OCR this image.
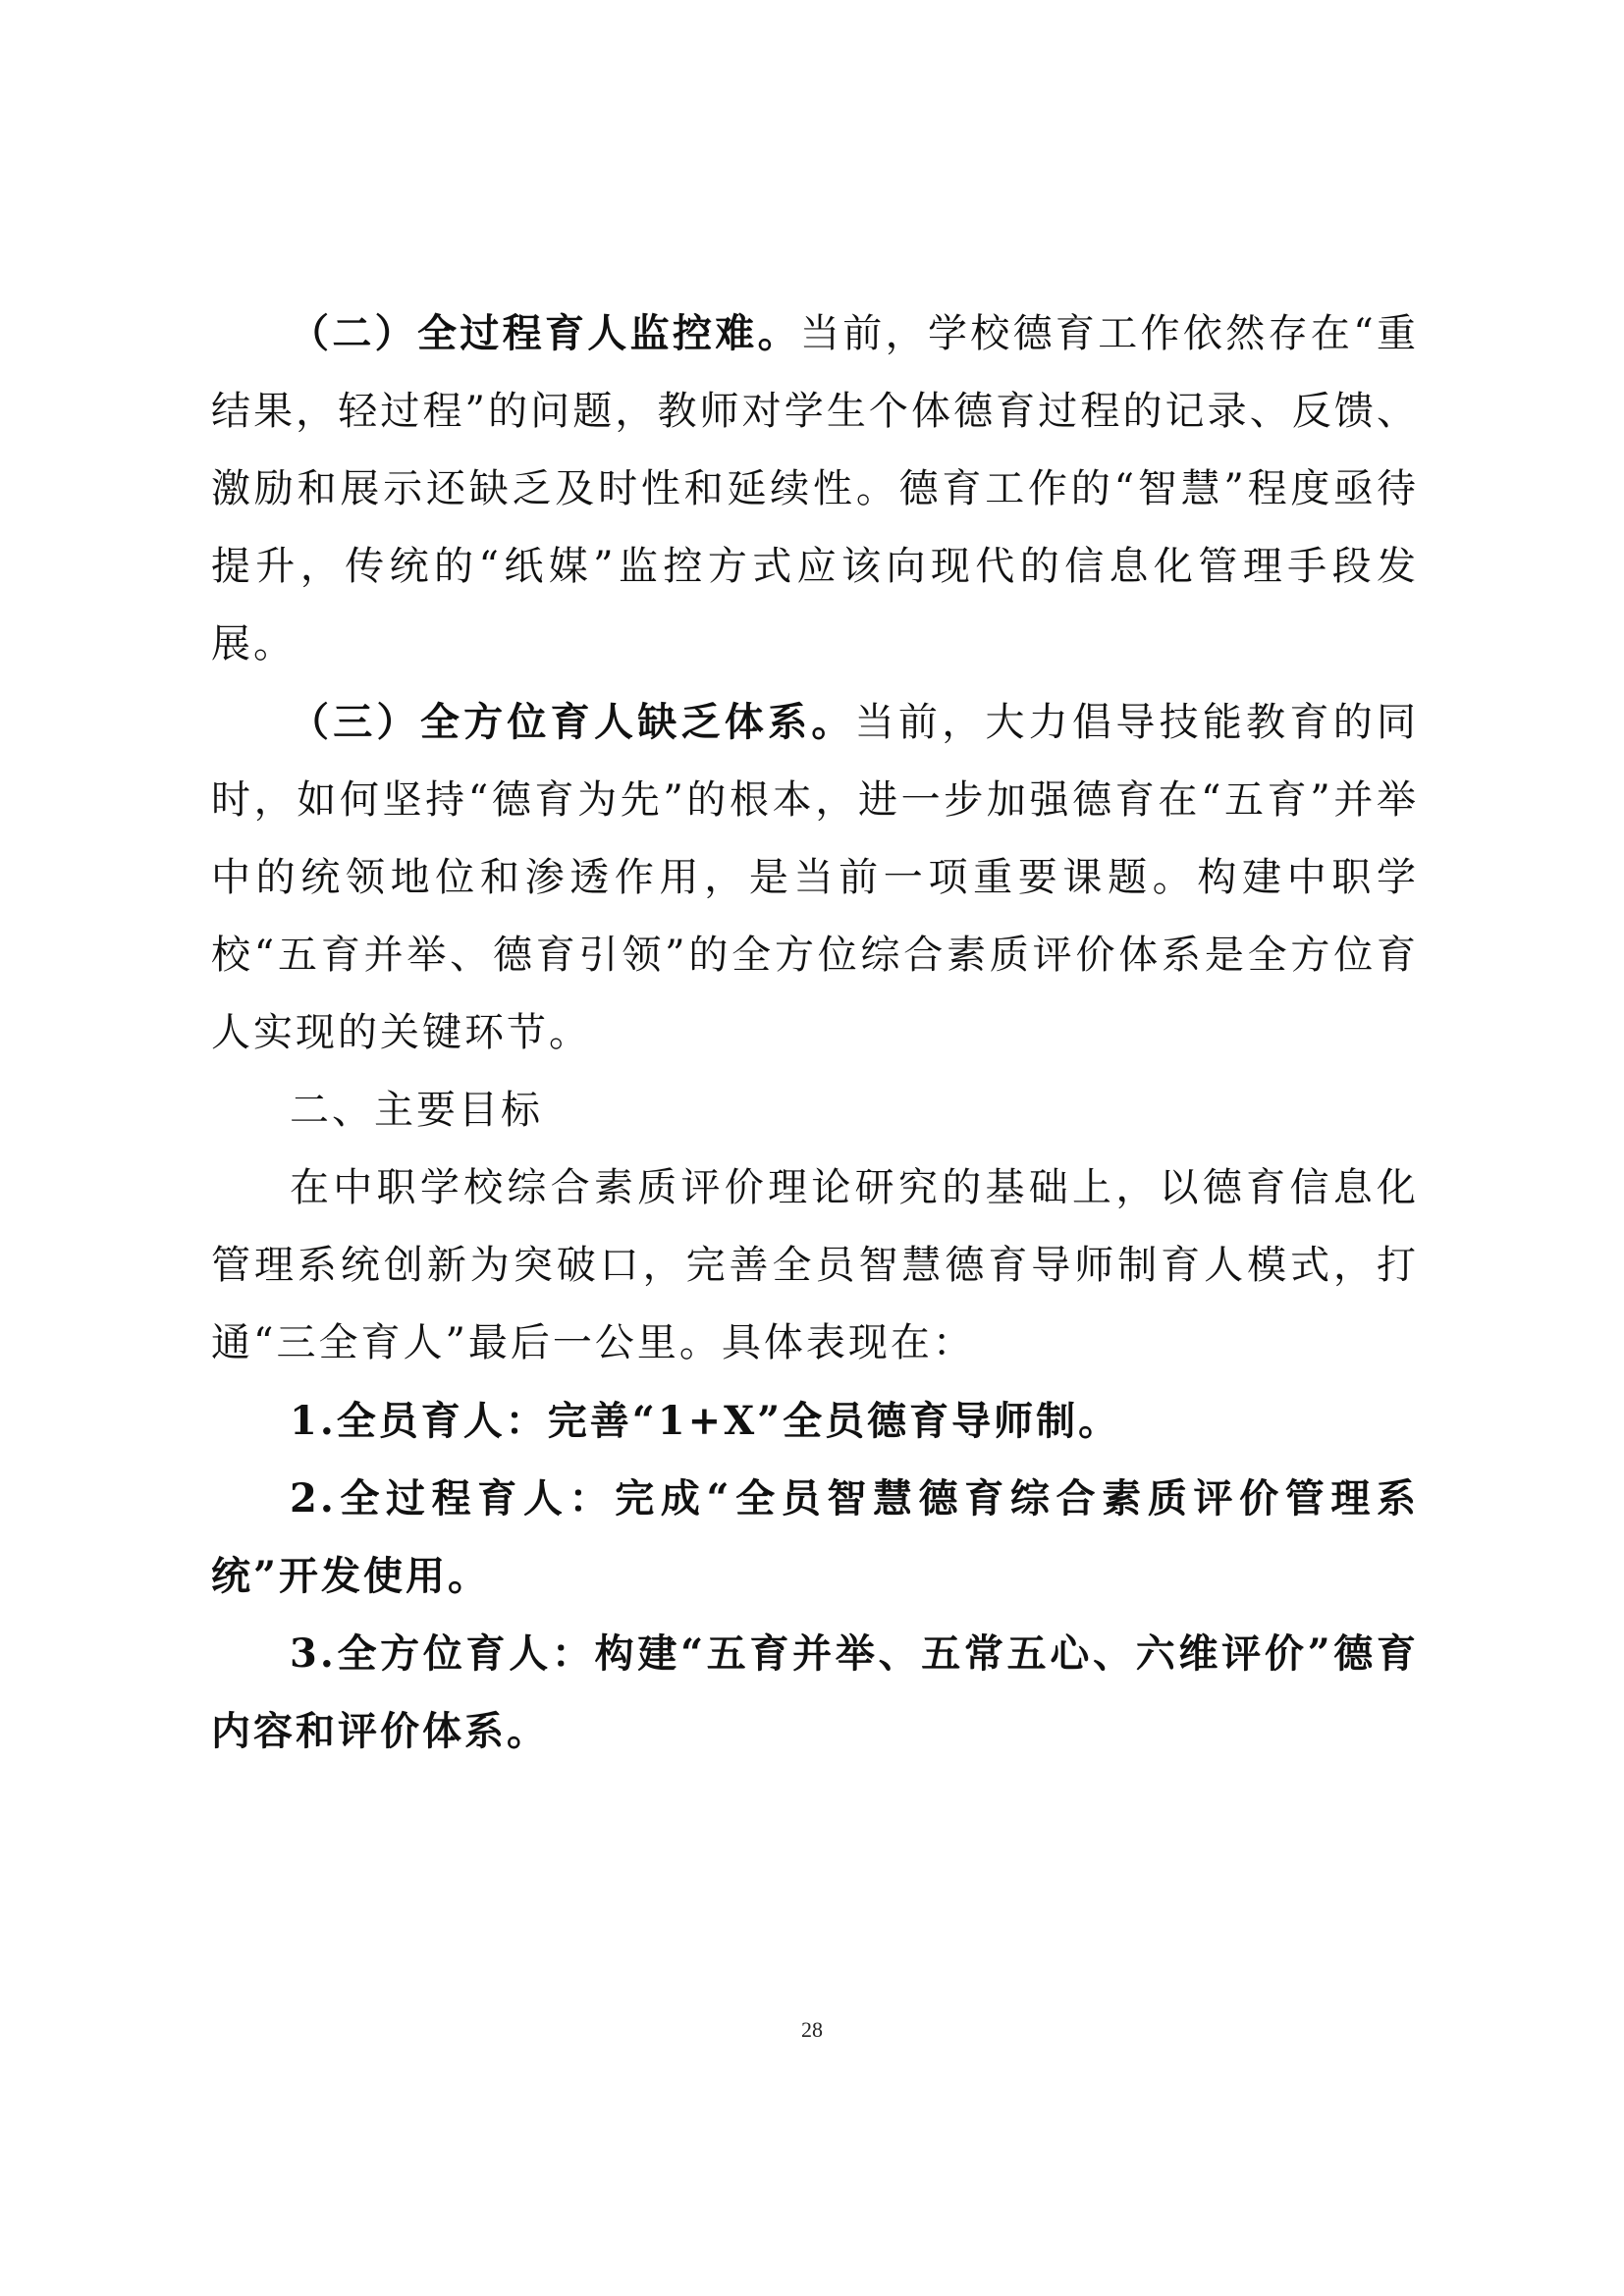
（二）全过程育人监控难。当前，学校德育工作依然存在“重结果，轻过程”的问题，教师对学生个体德育过程的记录、反馈、激励和展示还缺乏及时性和延续性。德育工作的“智慧”程度亟待提升，传统的“纸媒”监控方式应该向现代的信息化管理手段发展。

（三）全方位育人缺乏体系。当前，大力倡导技能教育的同时，如何坚持“德育为先”的根本，进一步加强德育在“五育”并举中的统领地位和渗透作用，是当前一项重要课题。构建中职学校“五育并举、德育引领”的全方位综合素质评价体系是全方位育人实现的关键环节。

二、主要目标

在中职学校综合素质评价理论研究的基础上，以德育信息化管理系统创新为突破口，完善全员智慧德育导师制育人模式，打通“三全育人”最后一公里。具体表现在：

1.全员育人：完善“1+X”全员德育导师制。

2.全过程育人：完成“全员智慧德育综合素质评价管理系统”开发使用。

3.全方位育人：构建“五育并举、五常五心、六维评价”德育内容和评价体系。

28
